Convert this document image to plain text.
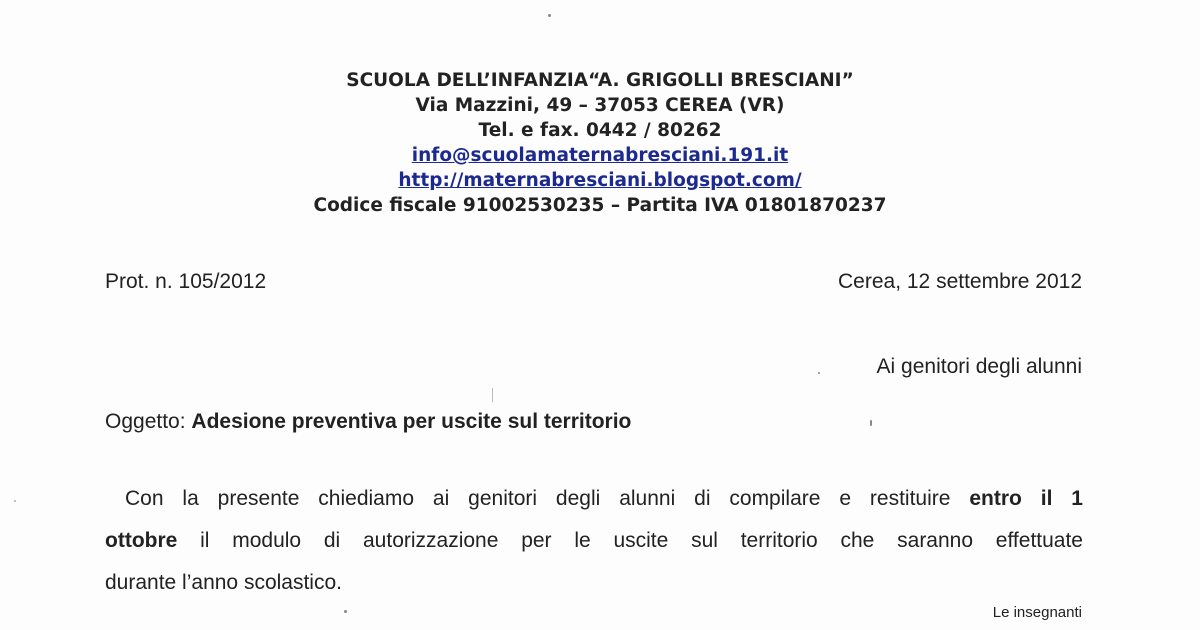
SCUOLA DELL’INFANZIA“A. GRIGOLLI BRESCIANI”
Via Mazzini, 49 – 37053 CEREA (VR)
Tel. e fax. 0442 / 80262
info@scuolamaternabresciani.191.it
http://maternabresciani.blogspot.com/
Codice fiscale 91002530235 – Partita IVA 01801870237
Prot. n. 105/2012	Cerea, 12 settembre 2012
Ai genitori degli alunni
Oggetto: Adesione preventiva per uscite sul territorio
Con la presente chiediamo ai genitori degli alunni di compilare e restituire entro il 1
ottobre il modulo di autorizzazione per le uscite sul territorio che saranno effettuate
durante l’anno scolastico.
Le insegnanti
